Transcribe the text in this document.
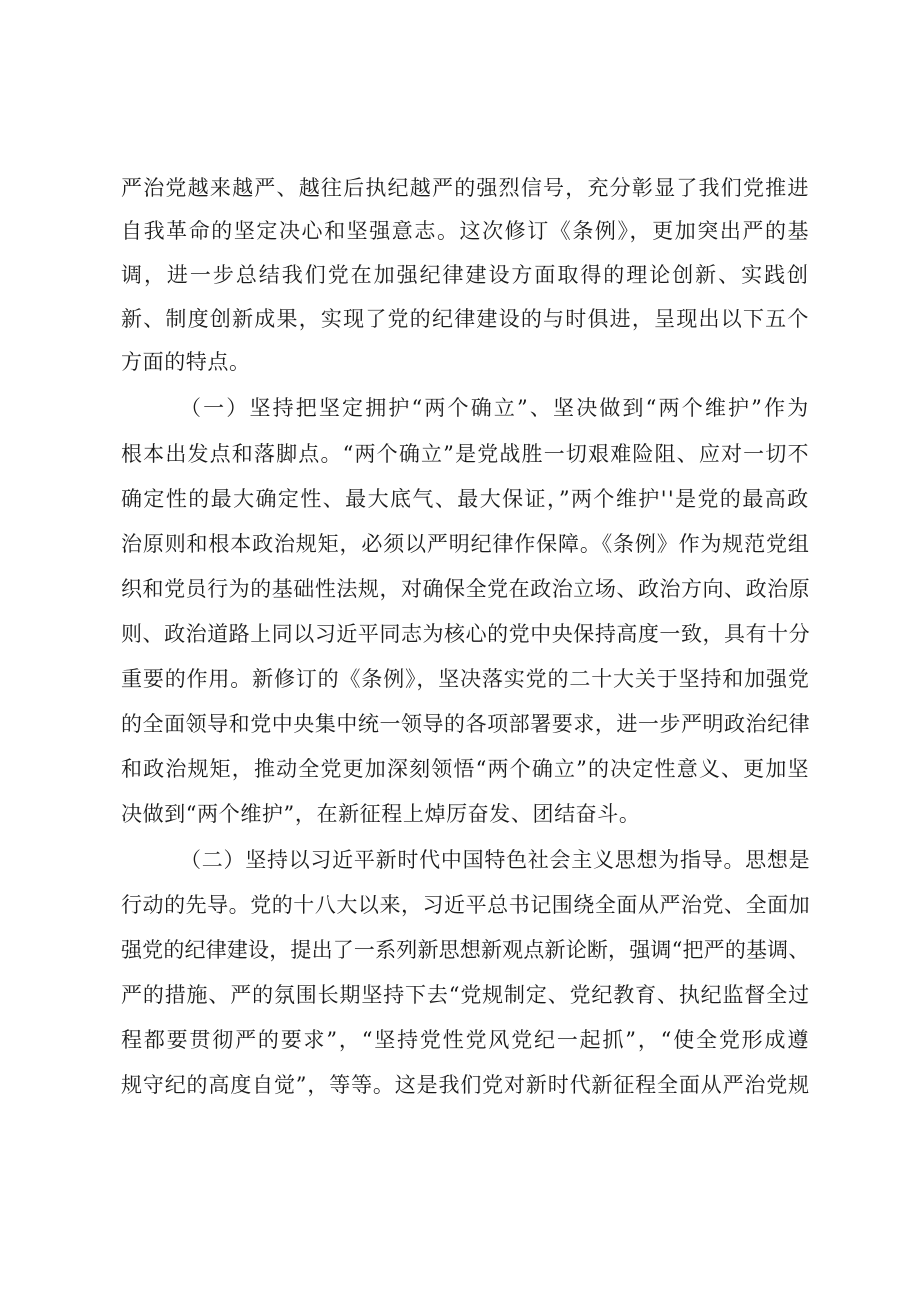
严治党越来越严、越往后执纪越严的强烈信号，充分彰显了我们党推进

自我革命的坚定决心和坚强意志。这次修订《条例》，更加突出严的基

调，进一步总结我们党在加强纪律建设方面取得的理论创新、实践创

新、制度创新成果，实现了党的纪律建设的与时俱进，呈现出以下五个

方面的特点。

（一）坚持把坚定拥护“两个确立”、坚决做到“两个维护”作为

根本出发点和落脚点。“两个确立”是党战胜一切艰难险阻、应对一切不

确定性的最大确定性、最大底气、最大保证，”两个维护''是党的最高政

治原则和根本政治规矩，必须以严明纪律作保障。《条例》作为规范党组

织和党员行为的基础性法规，对确保全党在政治立场、政治方向、政治原

则、政治道路上同以习近平同志为核心的党中央保持高度一致，具有十分

重要的作用。新修订的《条例》，坚决落实党的二十大关于坚持和加强党

的全面领导和党中央集中统一领导的各项部署要求，进一步严明政治纪律

和政治规矩，推动全党更加深刻领悟“两个确立”的决定性意义、更加坚

决做到“两个维护”，在新征程上焯厉奋发、团结奋斗。

（二）坚持以习近平新时代中国特色社会主义思想为指导。思想是

行动的先导。党的十八大以来，习近平总书记围绕全面从严治党、全面加

强党的纪律建设，提出了一系列新思想新观点新论断，强调“把严的基调、

严的措施、严的氛围长期坚持下去“党规制定、党纪教育、执纪监督全过

程都要贯彻严的要求”，“坚持党性党风党纪一起抓”，“使全党形成遵

规守纪的高度自觉”，等等。这是我们党对新时代新征程全面从严治党规
